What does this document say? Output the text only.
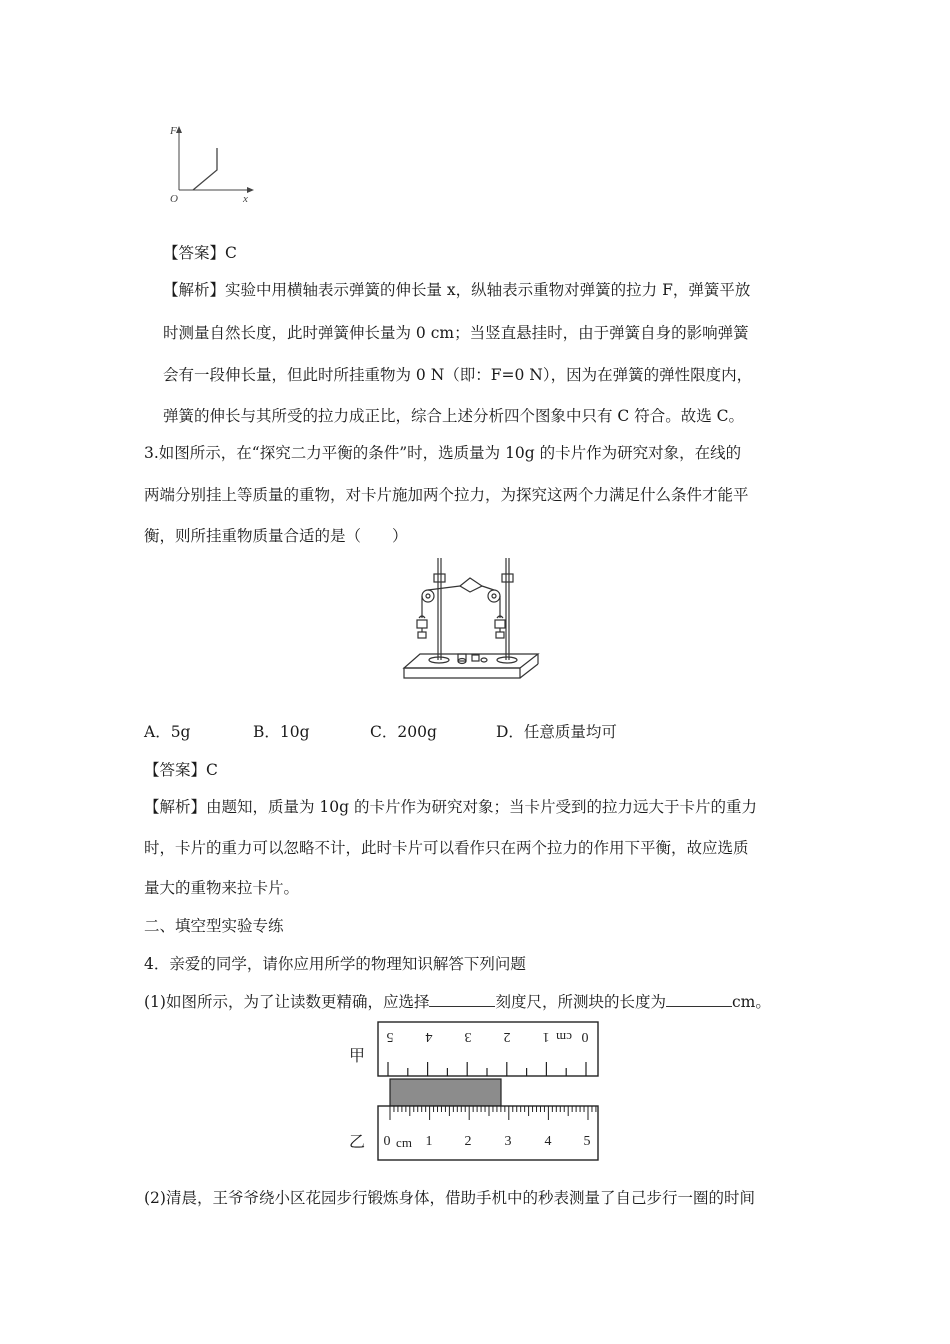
F
x
O
【答案】C
【解析】实验中用横轴表示弹簧的伸长量 x，纵轴表示重物对弹簧的拉力 F，弹簧平放
时测量自然长度，此时弹簧伸长量为 0 cm；当竖直悬挂时，由于弹簧自身的影响弹簧
会有一段伸长量，但此时所挂重物为 0 N（即：F=0 N），因为在弹簧的弹性限度内，
弹簧的伸长与其所受的拉力成正比，综合上述分析四个图象中只有 C 符合。故选 C。
3.如图所示，在“探究二力平衡的条件”时，选质量为 10g 的卡片作为研究对象，在线的
两端分别挂上等质量的重物，对卡片施加两个拉力，为探究这两个力满足什么条件才能平
衡，则所挂重物质量合适的是（　　）
A．5g	B．10g	C．200g	D．任意质量均可
【答案】C
【解析】由题知，质量为 10g 的卡片作为研究对象；当卡片受到的拉力远大于卡片的重力
时，卡片的重力可以忽略不计，此时卡片可以看作只在两个拉力的作用下平衡，故应选质
量大的重物来拉卡片。
二、填空型实验专练
4．亲爱的同学，请你应用所学的物理知识解答下列问题
(1)如图所示，为了让读数更精确，应选择	刻度尺，所测块的长度为	cm。
甲
乙
0
1
2
3
4
5	cm
0	1 2 3 4 5
cm
(2)清晨，王爷爷绕小区花园步行锻炼身体，借助手机中的秒表测量了自己步行一圈的时间
